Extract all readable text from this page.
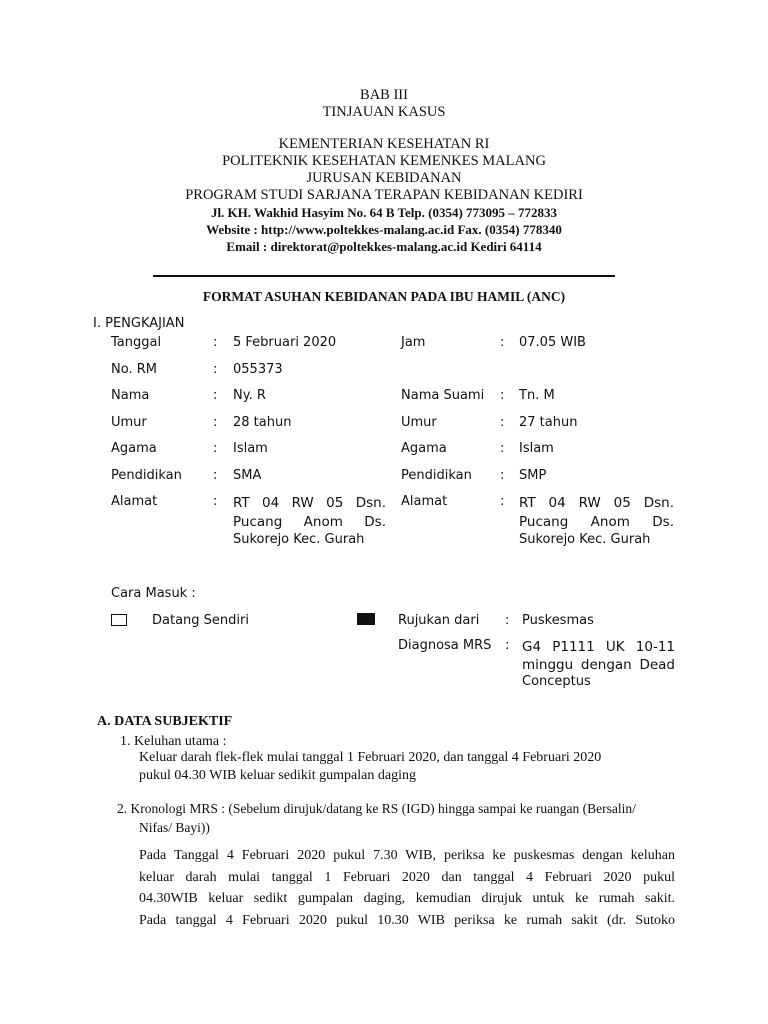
BAB III
TINJAUAN KASUS
KEMENTERIAN KESEHATAN RI
POLITEKNIK KESEHATAN KEMENKES MALANG
JURUSAN KEBIDANAN
PROGRAM STUDI SARJANA TERAPAN KEBIDANAN KEDIRI
Jl. KH. Wakhid Hasyim No. 64 B Telp. (0354) 773095 – 772833
Website : http://www.poltekkes-malang.ac.id Fax. (0354) 778340
Email : direktorat@poltekkes-malang.ac.id Kediri 64114
FORMAT ASUHAN KEBIDANAN PADA IBU HAMIL (ANC)
I. PENGKAJIAN
Tanggal	: 5 Februari 2020	Jam	: 07.05 WIB
No. RM	: 055373
Nama	: Ny. R	Nama Suami : Tn. M
Umur	: 28 tahun	Umur	: 27 tahun
Agama	: Islam	Agama	: Islam
Pendidikan : SMA	Pendidikan : SMP
Alamat	: RT 04 RW 05 Dsn.
Pucang Anom Ds.
Sukorejo Kec. Gurah
Alamat	: RT 04 RW 05 Dsn.
Pucang Anom Ds.
Sukorejo Kec. Gurah
Cara Masuk :
Datang Sendiri	Rujukan dari : Puskesmas
Diagnosa MRS : G4 P1111 UK 10-11
minggu dengan Dead
Conceptus
A. DATA SUBJEKTIF
1. Keluhan utama :
Keluar darah flek-flek mulai tanggal 1 Februari 2020, dan tanggal 4 Februari 2020
pukul 04.30 WIB keluar sedikit gumpalan daging
2. Kronologi MRS : (Sebelum dirujuk/datang ke RS (IGD) hingga sampai ke ruangan (Bersalin/
Nifas/ Bayi))
Pada Tanggal 4 Februari 2020 pukul 7.30 WIB, periksa ke puskesmas dengan keluhan
keluar darah mulai tanggal 1 Februari 2020 dan tanggal 4 Februari 2020 pukul
04.30WIB keluar sedikt gumpalan daging, kemudian dirujuk untuk ke rumah sakit.
Pada tanggal 4 Februari 2020 pukul 10.30 WIB periksa ke rumah sakit (dr. Sutoko
